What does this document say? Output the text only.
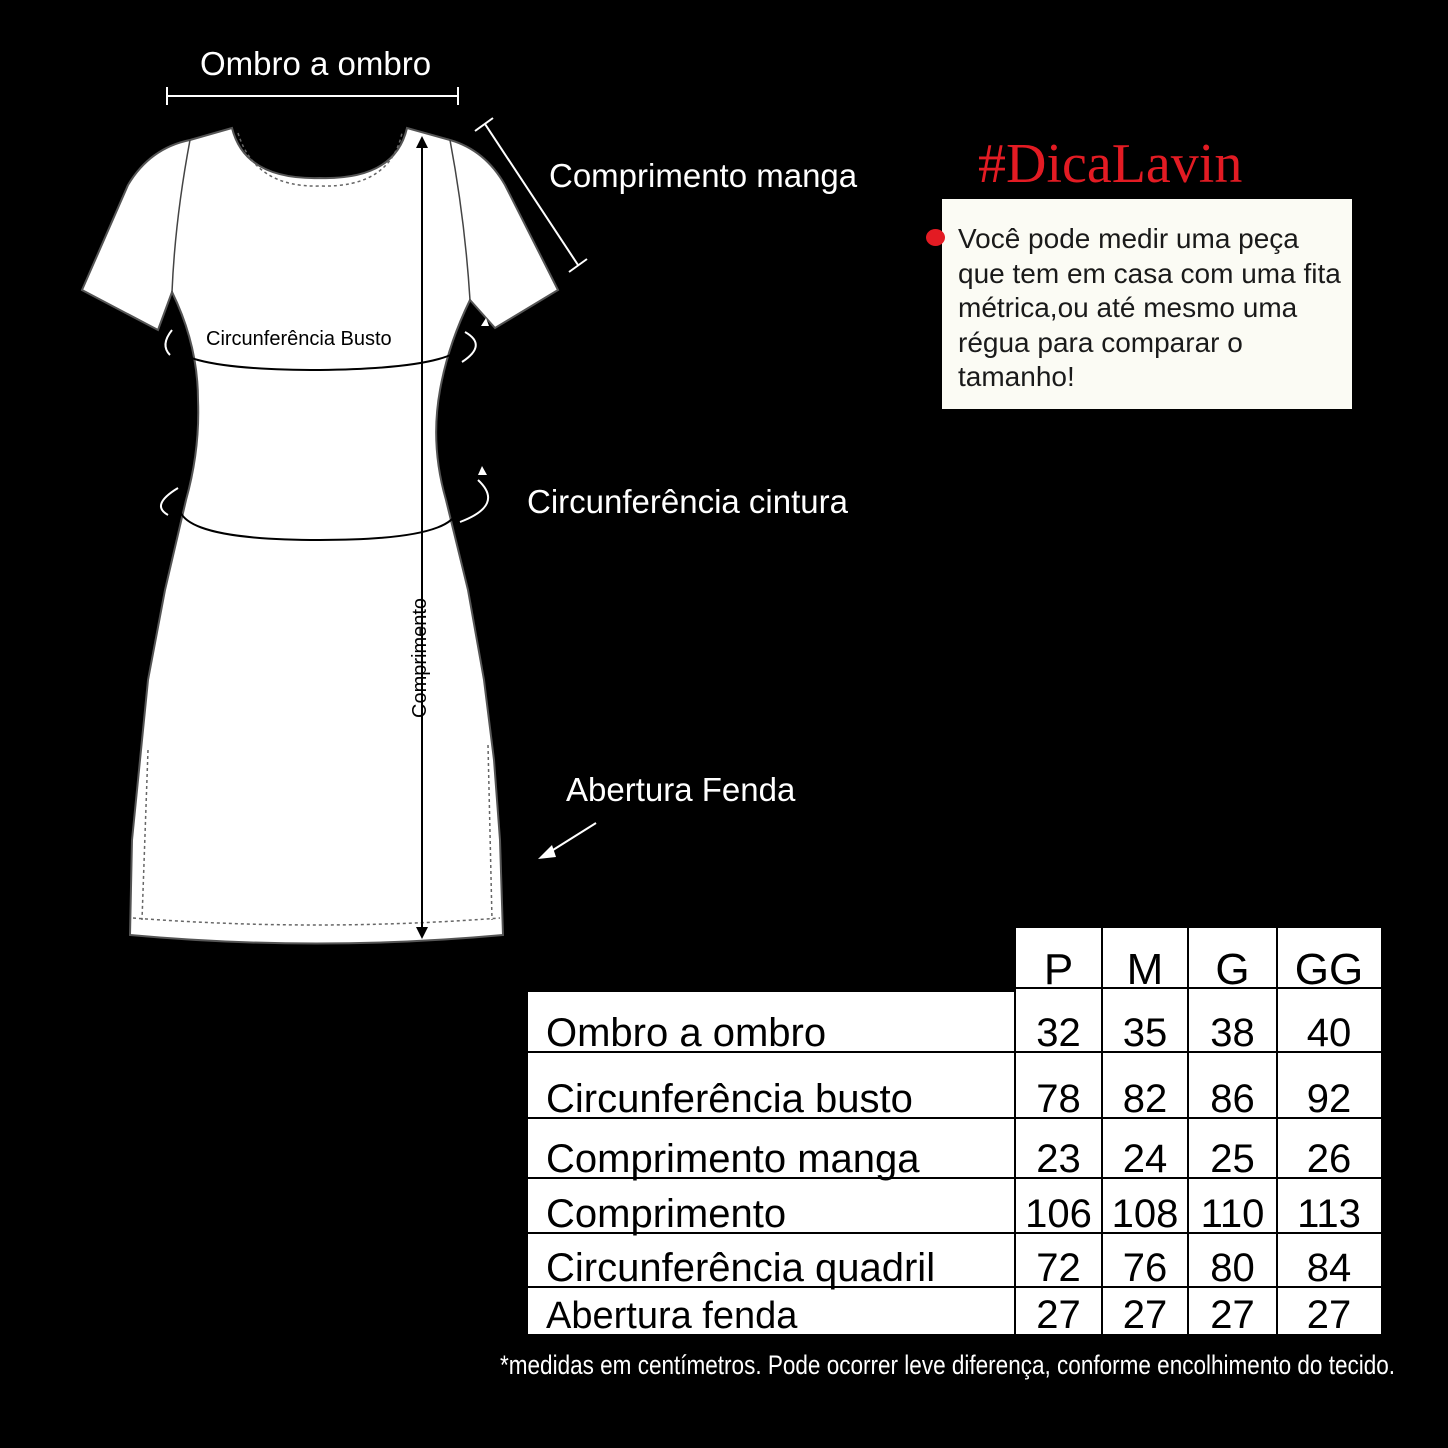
Ombro a ombro
Comprimento manga
Circunferência Busto
Circunferência cintura
Comprimento
Abertura Fenda
#DicaLavin
Você pode medir uma peça que tem em casa com uma fita métrica,ou até mesmo uma régua para comparar o tamanho!
P M G GG
Ombro a ombro	32 35 38 40
Circunferência busto	78 82 86 92
Comprimento manga	23 24 25 26
Comprimento	106 108 110 113
Circunferência quadril	72 76 80 84
Abertura fenda	27 27 27 27
*medidas em centímetros. Pode ocorrer leve diferença, conforme encolhimento do tecido.
